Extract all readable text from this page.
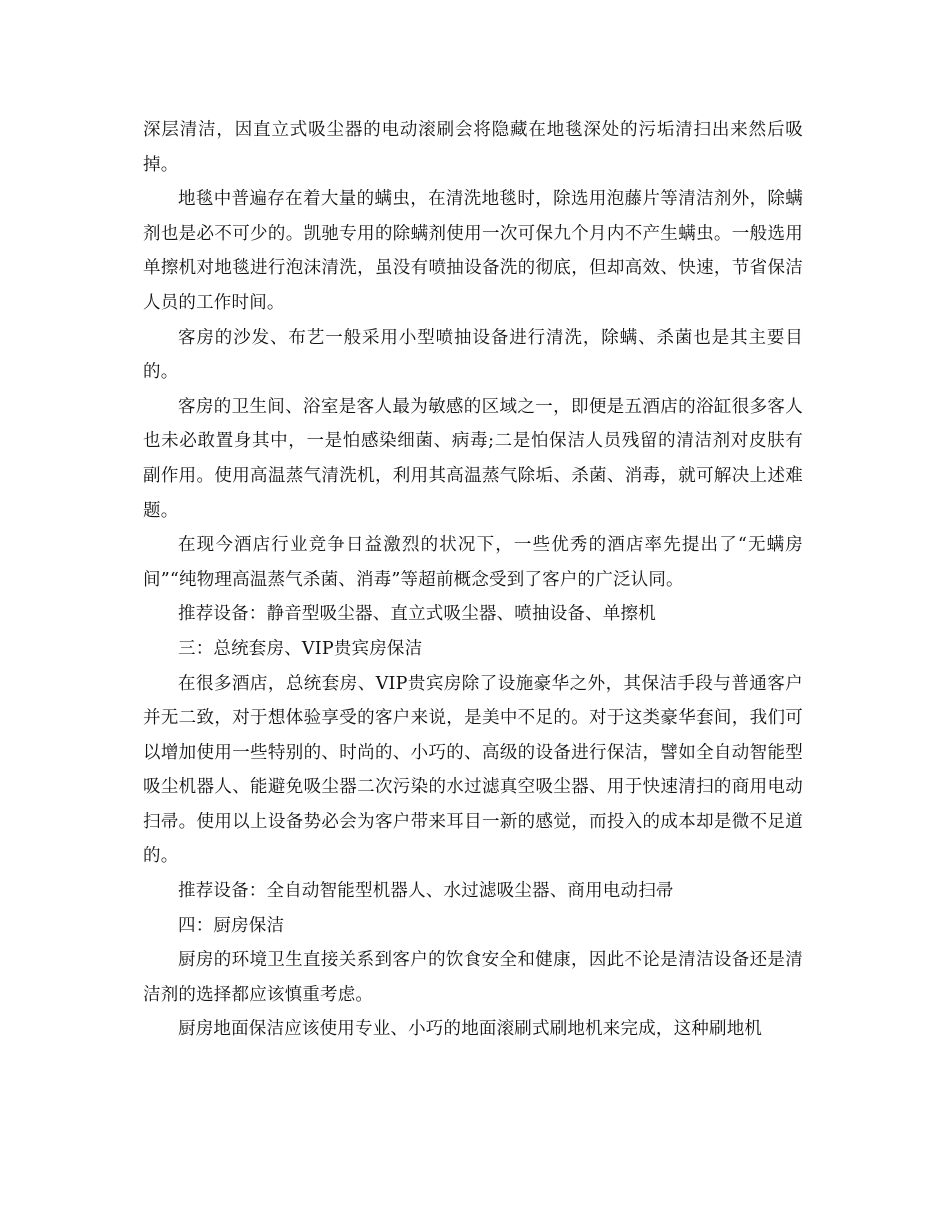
深层清洁，因直立式吸尘器的电动滚刷会将隐藏在地毯深处的污垢清扫出来然后吸掉。

地毯中普遍存在着大量的螨虫，在清洗地毯时，除选用泡藤片等清洁剂外，除螨剂也是必不可少的。凯驰专用的除螨剂使用一次可保九个月内不产生螨虫。一般选用单擦机对地毯进行泡沫清洗，虽没有喷抽设备洗的彻底，但却高效、快速，节省保洁人员的工作时间。

客房的沙发、布艺一般采用小型喷抽设备进行清洗，除螨、杀菌也是其主要目的。

客房的卫生间、浴室是客人最为敏感的区域之一，即便是五酒店的浴缸很多客人也未必敢置身其中，一是怕感染细菌、病毒;二是怕保洁人员残留的清洁剂对皮肤有副作用。使用高温蒸气清洗机，利用其高温蒸气除垢、杀菌、消毒，就可解决上述难题。

在现今酒店行业竞争日益激烈的状况下，一些优秀的酒店率先提出了“无螨房间”“纯物理高温蒸气杀菌、消毒”等超前概念受到了客户的广泛认同。

推荐设备：静音型吸尘器、直立式吸尘器、喷抽设备、单擦机

三：总统套房、VIP贵宾房保洁

在很多酒店，总统套房、VIP贵宾房除了设施豪华之外，其保洁手段与普通客户并无二致，对于想体验享受的客户来说，是美中不足的。对于这类豪华套间，我们可以增加使用一些特别的、时尚的、小巧的、高级的设备进行保洁，譬如全自动智能型吸尘机器人、能避免吸尘器二次污染的水过滤真空吸尘器、用于快速清扫的商用电动扫帚。使用以上设备势必会为客户带来耳目一新的感觉，而投入的成本却是微不足道的。

推荐设备：全自动智能型机器人、水过滤吸尘器、商用电动扫帚

四：厨房保洁

厨房的环境卫生直接关系到客户的饮食安全和健康，因此不论是清洁设备还是清洁剂的选择都应该慎重考虑。

厨房地面保洁应该使用专业、小巧的地面滚刷式刷地机来完成，这种刷地机
